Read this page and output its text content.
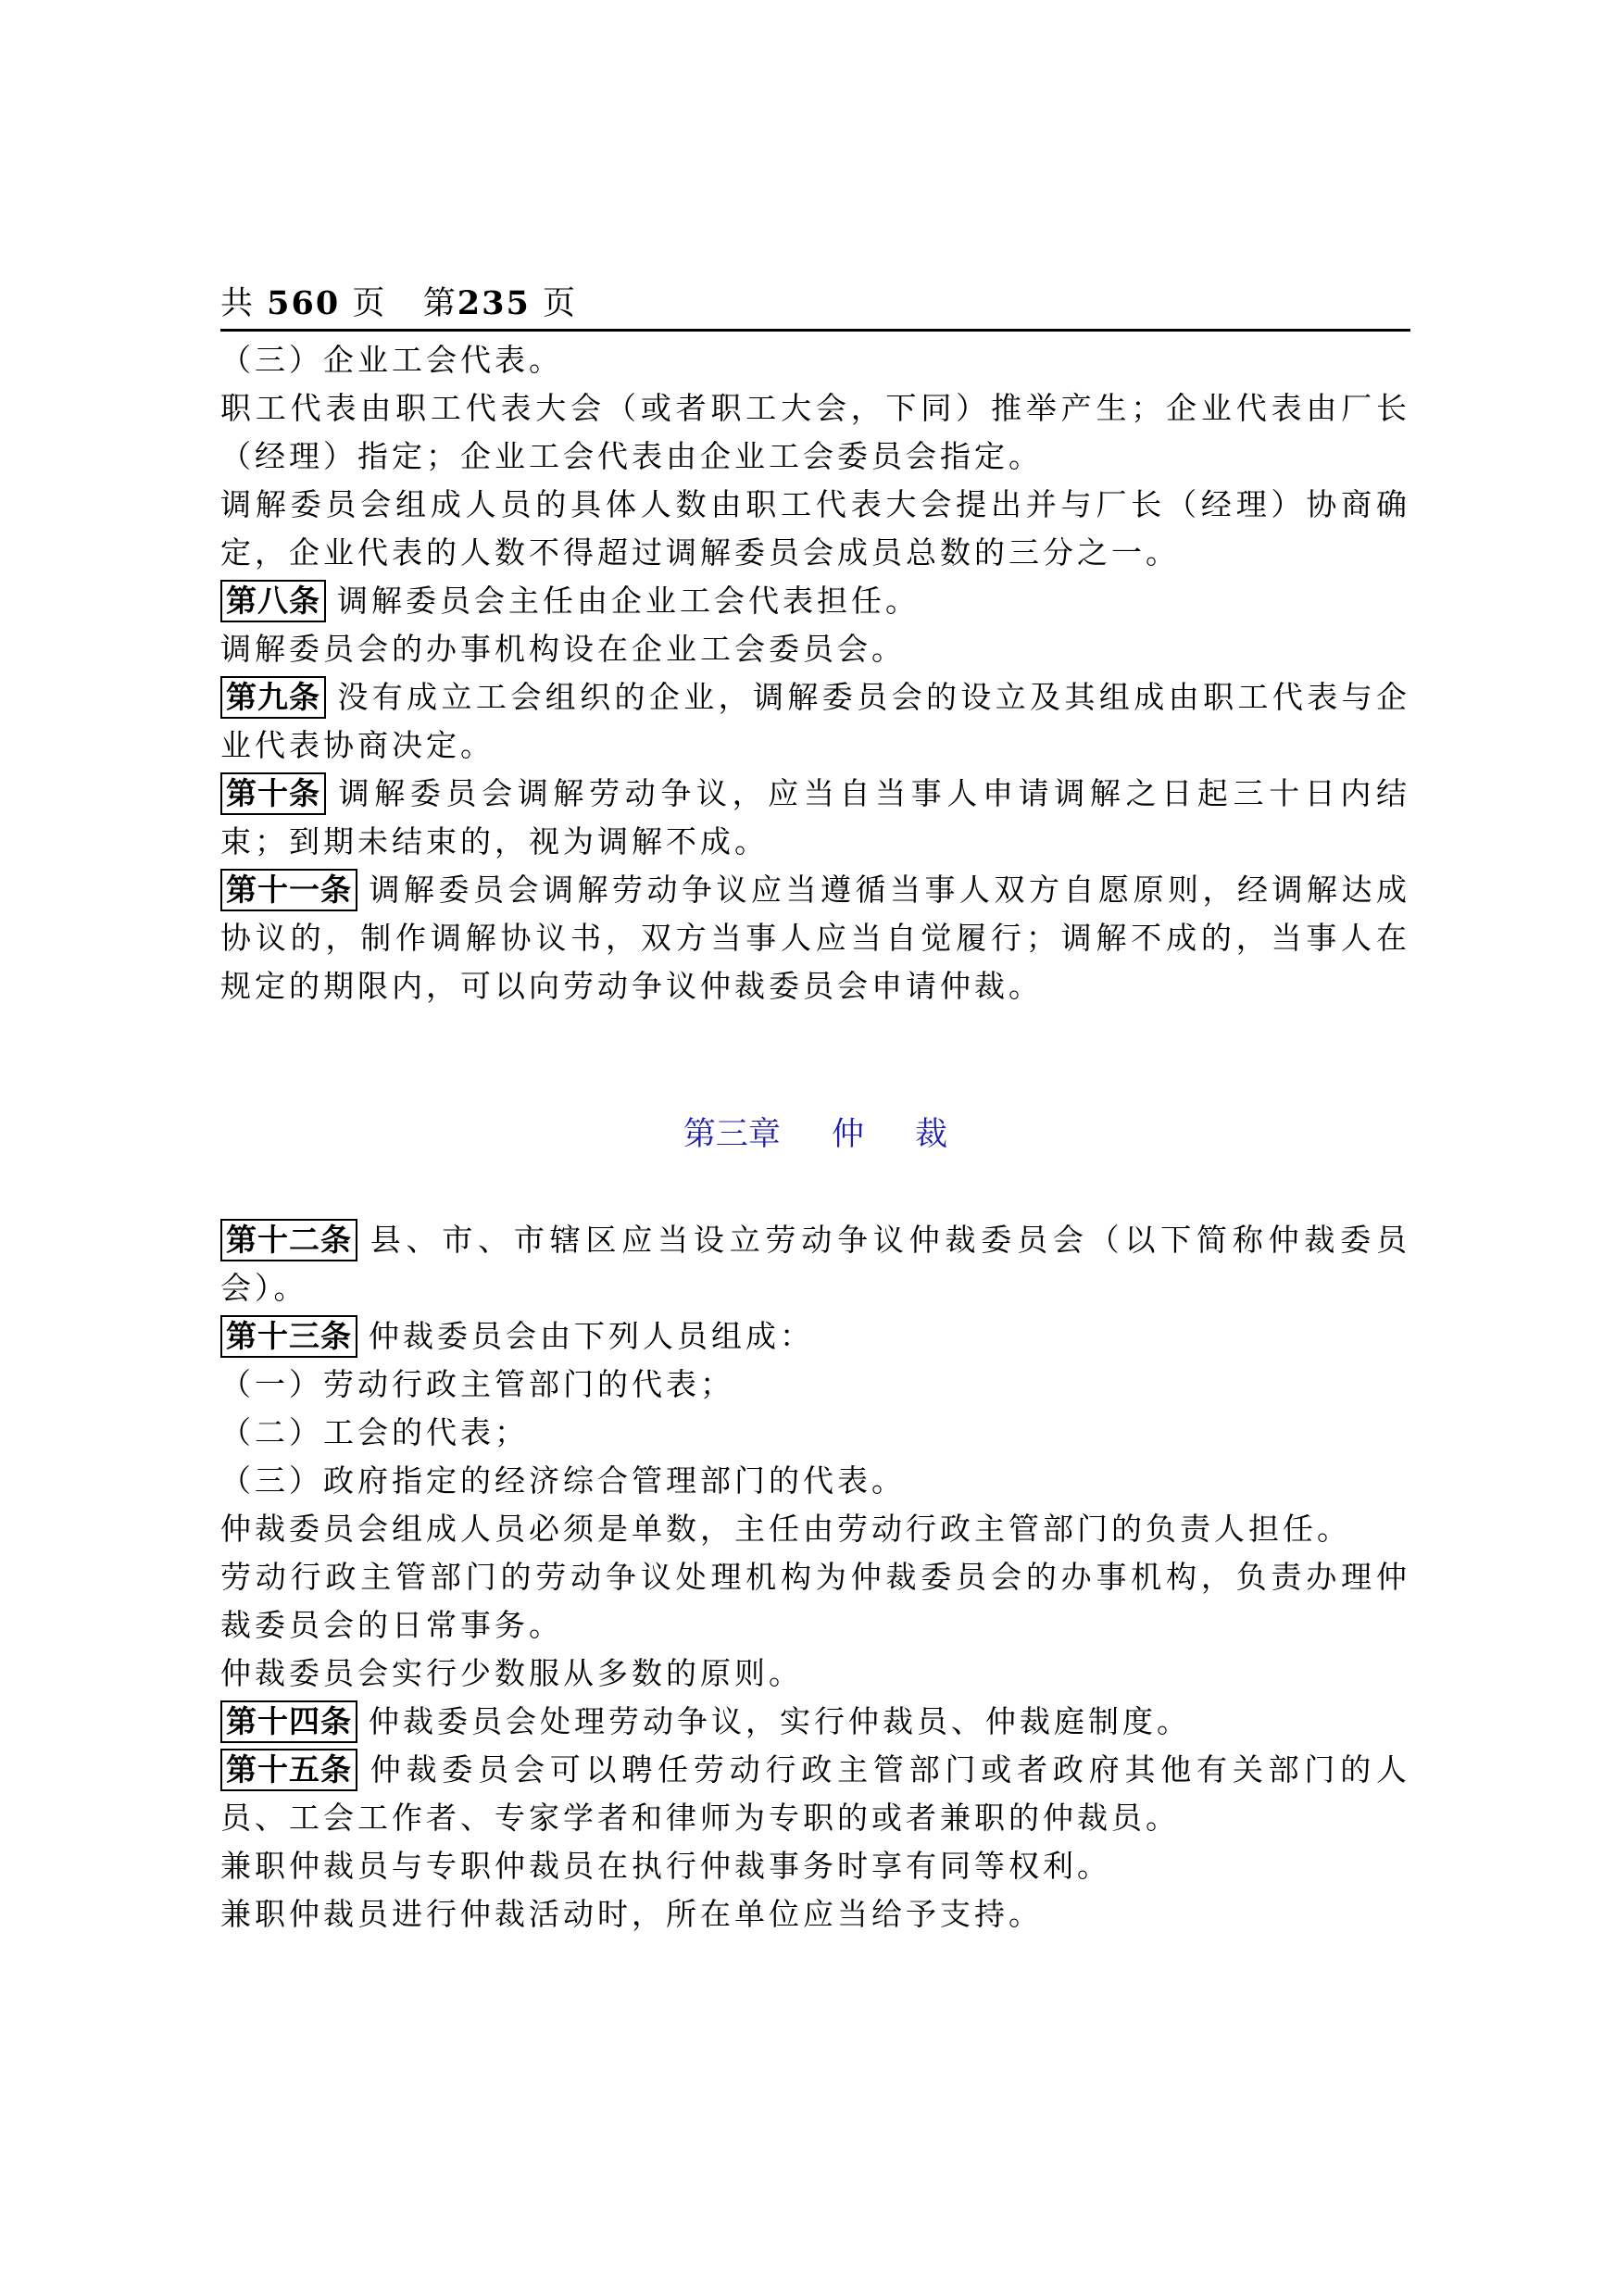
共 560 页 第235 页

（三）企业工会代表。

职工代表由职工代表大会（或者职工大会，下同）推举产生；企业代表由厂长（经理）指定；企业工会代表由企业工会委员会指定。

调解委员会组成人员的具体人数由职工代表大会提出并与厂长（经理）协商确定，企业代表的人数不得超过调解委员会成员总数的三分之一。

第八条 调解委员会主任由企业工会代表担任。

调解委员会的办事机构设在企业工会委员会。

第九条 没有成立工会组织的企业，调解委员会的设立及其组成由职工代表与企业代表协商决定。

第十条 调解委员会调解劳动争议，应当自当事人申请调解之日起三十日内结束；到期未结束的，视为调解不成。

第十一条 调解委员会调解劳动争议应当遵循当事人双方自愿原则，经调解达成协议的，制作调解协议书，双方当事人应当自觉履行；调解不成的，当事人在规定的期限内，可以向劳动争议仲裁委员会申请仲裁。

第三章 仲 裁

第十二条 县、市、市辖区应当设立劳动争议仲裁委员会（以下简称仲裁委员会）。

第十三条 仲裁委员会由下列人员组成：

（一）劳动行政主管部门的代表；

（二）工会的代表；

（三）政府指定的经济综合管理部门的代表。

仲裁委员会组成人员必须是单数，主任由劳动行政主管部门的负责人担任。

劳动行政主管部门的劳动争议处理机构为仲裁委员会的办事机构，负责办理仲裁委员会的日常事务。

仲裁委员会实行少数服从多数的原则。

第十四条 仲裁委员会处理劳动争议，实行仲裁员、仲裁庭制度。

第十五条 仲裁委员会可以聘任劳动行政主管部门或者政府其他有关部门的人员、工会工作者、专家学者和律师为专职的或者兼职的仲裁员。

兼职仲裁员与专职仲裁员在执行仲裁事务时享有同等权利。

兼职仲裁员进行仲裁活动时，所在单位应当给予支持。
